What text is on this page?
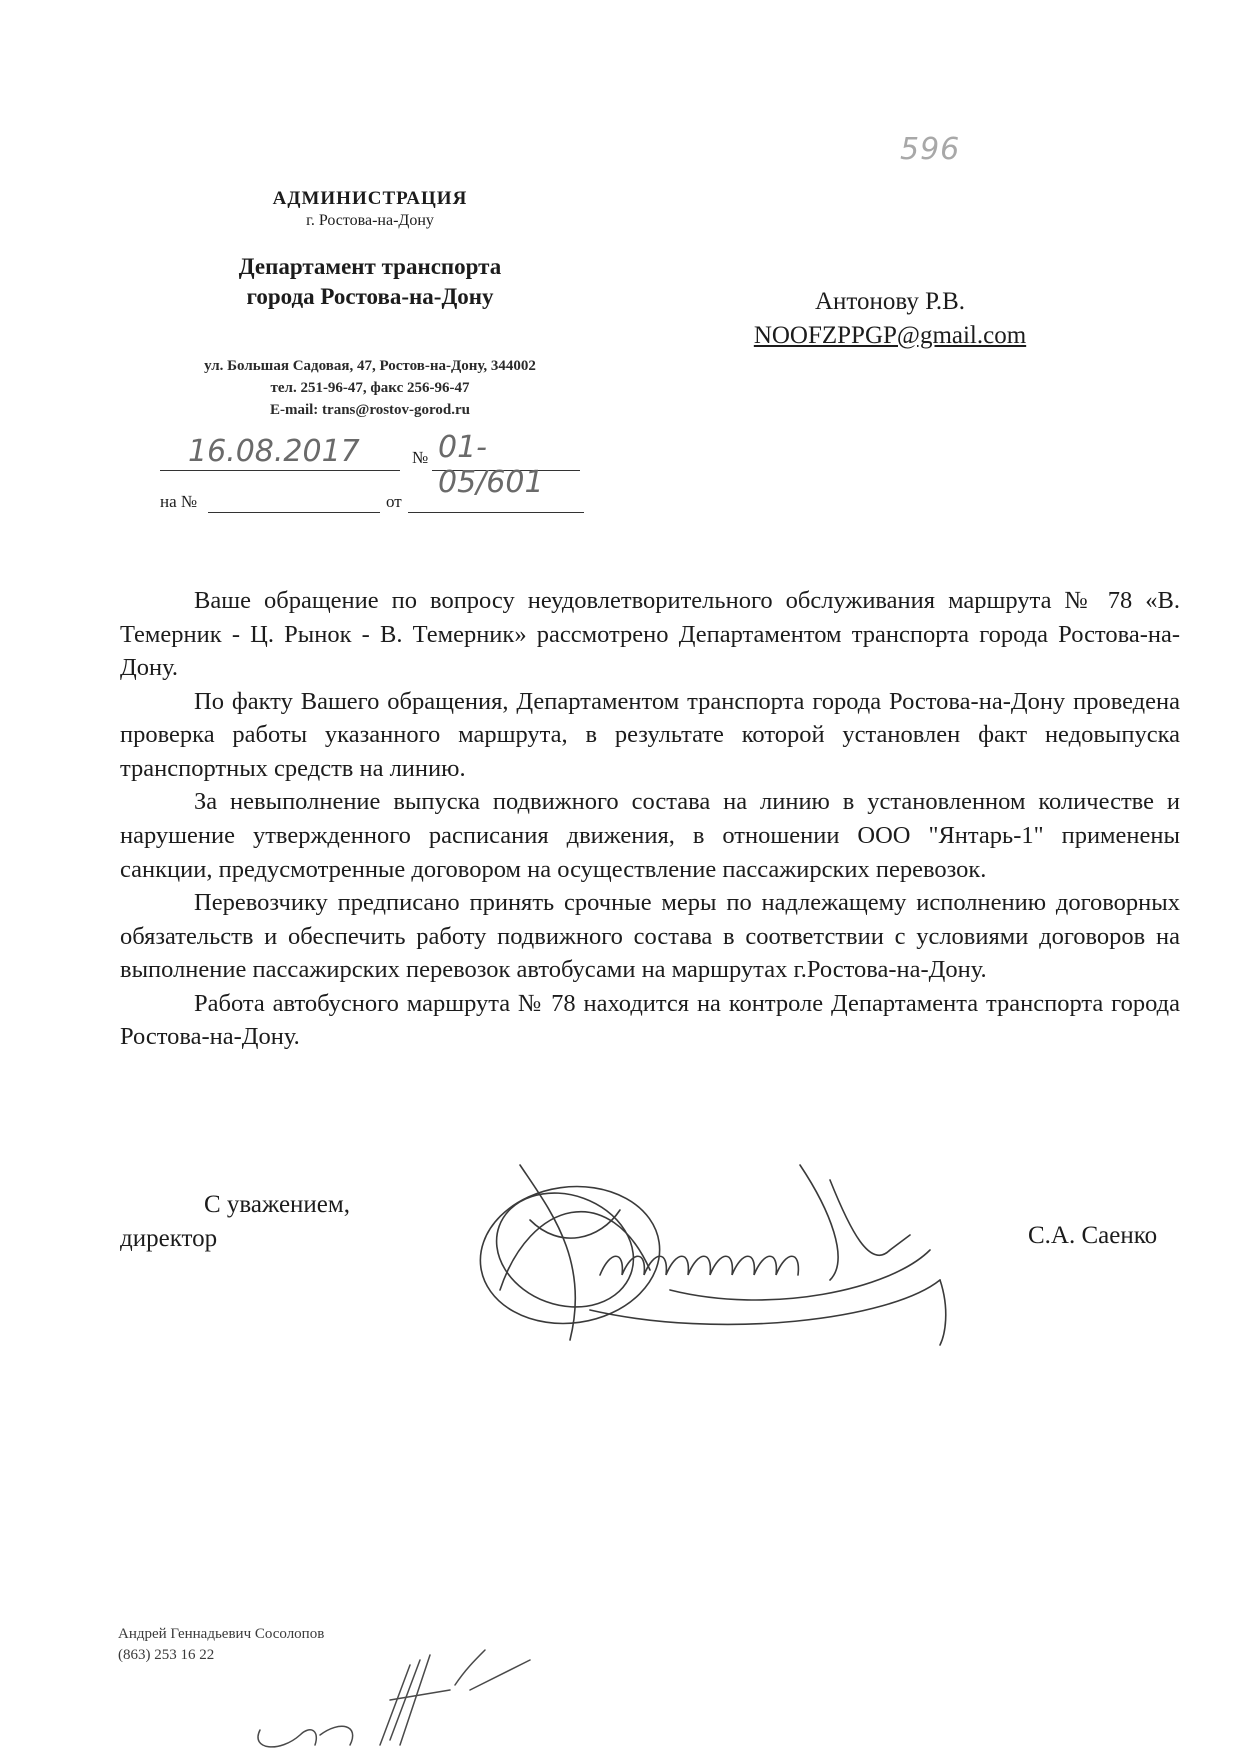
596
АДМИНИСТРАЦИЯ
г. Ростова-на-Дону
Департамент транспорта
города Ростова-на-Дону
ул. Большая Садовая, 47, Ростов-на-Дону, 344002
тел. 251-96-47, факс 256-96-47
E-mail: trans@rostov-gorod.ru
16.08.2017	№ 01-05/601
на №	от
Антонову Р.В.
NOOFZPPGP@gmail.com

Ваше обращение по вопросу неудовлетворительного обслуживания маршрута № 78 «В. Темерник - Ц. Рынок - В. Темерник» рассмотрено Департаментом транспорта города Ростова-на-Дону.

По факту Вашего обращения, Департаментом транспорта города Ростова-на-Дону проведена проверка работы указанного маршрута, в результате которой установлен факт недовыпуска транспортных средств на линию.

За невыполнение выпуска подвижного состава на линию в установленном количестве и нарушение утвержденного расписания движения, в отношении ООО "Янтарь-1" применены санкции, предусмотренные договором на осуществление пассажирских перевозок.

Перевозчику предписано принять срочные меры по надлежащему исполнению договорных обязательств и обеспечить работу подвижного состава в соответствии с условиями договоров на выполнение пассажирских перевозок автобусами на маршрутах г.Ростова-на-Дону.

Работа автобусного маршрута № 78 находится на контроле Департамента транспорта города Ростова-на-Дону.

С уважением,
директор	С.А. Саенко
Андрей Геннадьевич Сосолопов
(863) 253 16 22
